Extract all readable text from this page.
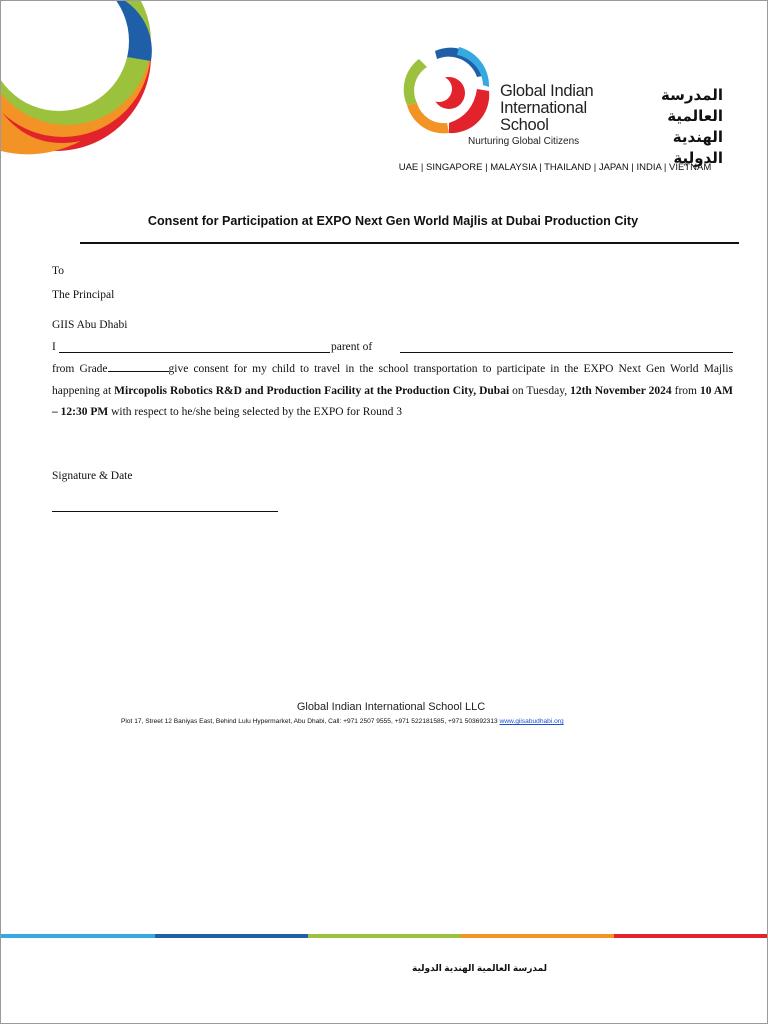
Global Indian
International
School
Nurturing Global Citizens
المدرسة العالمية
الهندية
الدولية
UAE | SINGAPORE | MALAYSIA | THAILAND | JAPAN | INDIA | VIETNAM
Consent for Participation at EXPO Next Gen World Majlis at Dubai Production City
To
The Principal
GIIS Abu Dhabi
I	parent of
from Grade	give consent for my child to travel in the school transportation to participate in the EXPO Next Gen World Majlis happening at Mircopolis Robotics R&D and Production Facility at the Production City, Dubai on Tuesday, 12th November 2024 from 10 AM – 12:30 PM with respect to he/she being selected by the EXPO for Round 3
Signature & Date
Global Indian International School LLC
Plot 17, Street 12 Baniyas East, Behind Lulu Hypermarket, Abu Dhabi, Call: +971 2507 9555, +971 522181585, +971 503692313 www.giisabudhabi.org
لمدرسة العالمية الهندية الدولية
